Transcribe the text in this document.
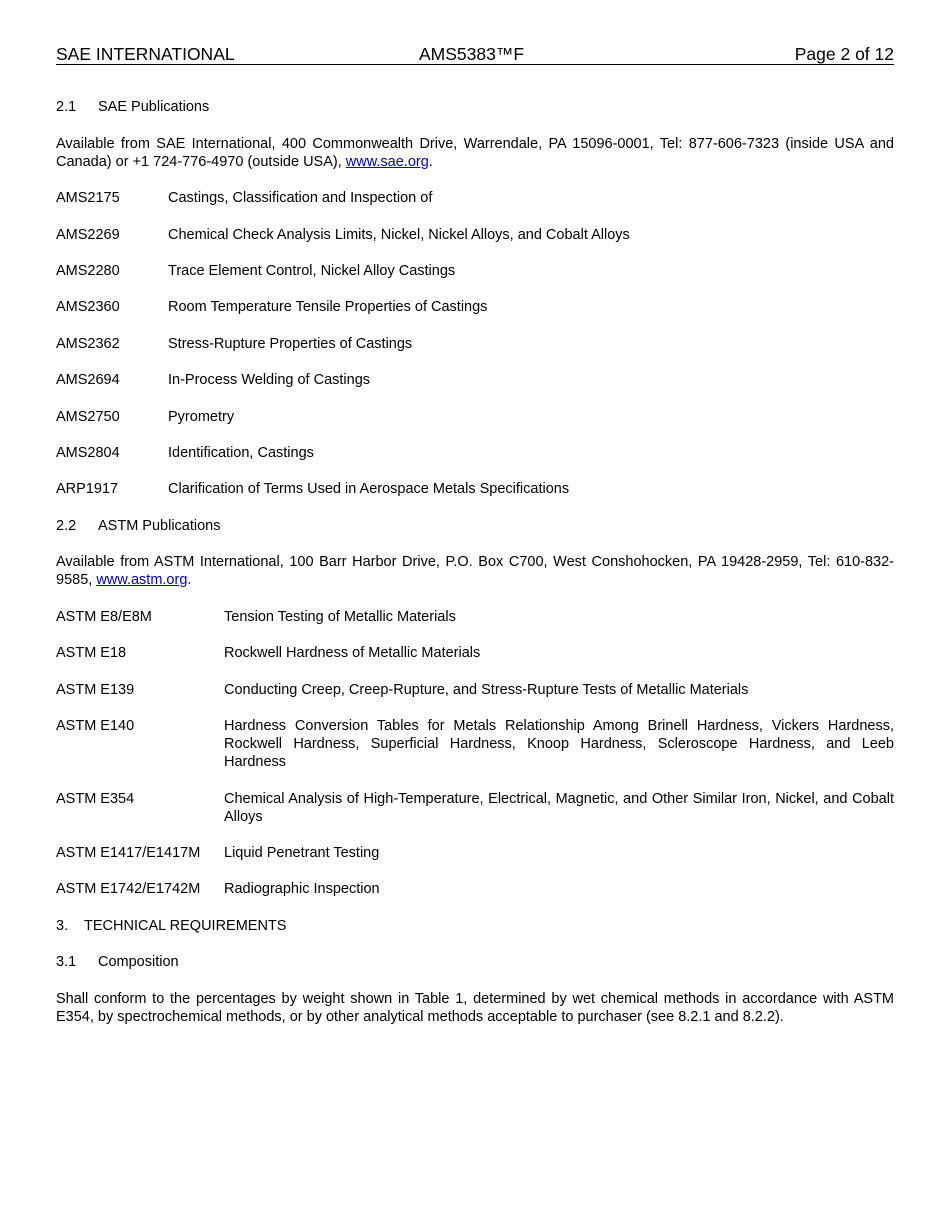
SAE INTERNATIONAL	AMS5383™F	Page 2 of 12
2.1 SAE Publications
Available from SAE International, 400 Commonwealth Drive, Warrendale, PA 15096-0001, Tel: 877-606-7323 (inside USA and Canada) or +1 724-776-4970 (outside USA), www.sae.org.
AMS2175	Castings, Classification and Inspection of
AMS2269	Chemical Check Analysis Limits, Nickel, Nickel Alloys, and Cobalt Alloys
AMS2280	Trace Element Control, Nickel Alloy Castings
AMS2360	Room Temperature Tensile Properties of Castings
AMS2362	Stress-Rupture Properties of Castings
AMS2694	In-Process Welding of Castings
AMS2750	Pyrometry
AMS2804	Identification, Castings
ARP1917	Clarification of Terms Used in Aerospace Metals Specifications
2.2 ASTM Publications
Available from ASTM International, 100 Barr Harbor Drive, P.O. Box C700, West Conshohocken, PA 19428-2959, Tel: 610-832-9585, www.astm.org.
ASTM E8/E8M	Tension Testing of Metallic Materials
ASTM E18	Rockwell Hardness of Metallic Materials
ASTM E139	Conducting Creep, Creep-Rupture, and Stress-Rupture Tests of Metallic Materials
ASTM E140	Hardness Conversion Tables for Metals Relationship Among Brinell Hardness, Vickers Hardness, Rockwell Hardness, Superficial Hardness, Knoop Hardness, Scleroscope Hardness, and Leeb Hardness
ASTM E354	Chemical Analysis of High-Temperature, Electrical, Magnetic, and Other Similar Iron, Nickel, and Cobalt Alloys
ASTM E1417/E1417M Liquid Penetrant Testing
ASTM E1742/E1742M Radiographic Inspection
3. TECHNICAL REQUIREMENTS
3.1 Composition
Shall conform to the percentages by weight shown in Table 1, determined by wet chemical methods in accordance with ASTM E354, by spectrochemical methods, or by other analytical methods acceptable to purchaser (see 8.2.1 and 8.2.2).
